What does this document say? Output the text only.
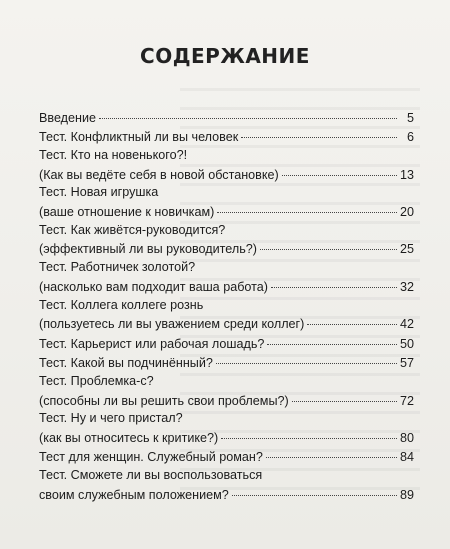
СОДЕРЖАНИЕ
Введение	5
Тест. Конфликтный ли вы человек	6
Тест. Кто на новенького?!
(Как вы ведёте себя в новой обстановке)	13
Тест. Новая игрушка
(ваше отношение к новичкам)	20
Тест. Как живётся-руководится?
(эффективный ли вы руководитель?)	25
Тест. Работничек золотой?
(насколько вам подходит ваша работа)	32
Тест. Коллега коллеге рознь
(пользуетесь ли вы уважением среди коллег)	42
Тест. Карьерист или рабочая лошадь?	50
Тест. Какой вы подчинённый?	57
Тест. Проблемка-с?
(способны ли вы решить свои проблемы?)	72
Тест. Ну и чего пристал?
(как вы относитесь к критике?)	80
Тест для женщин. Служебный роман?	84
Тест. Сможете ли вы воспользоваться
своим служебным положением?	89
